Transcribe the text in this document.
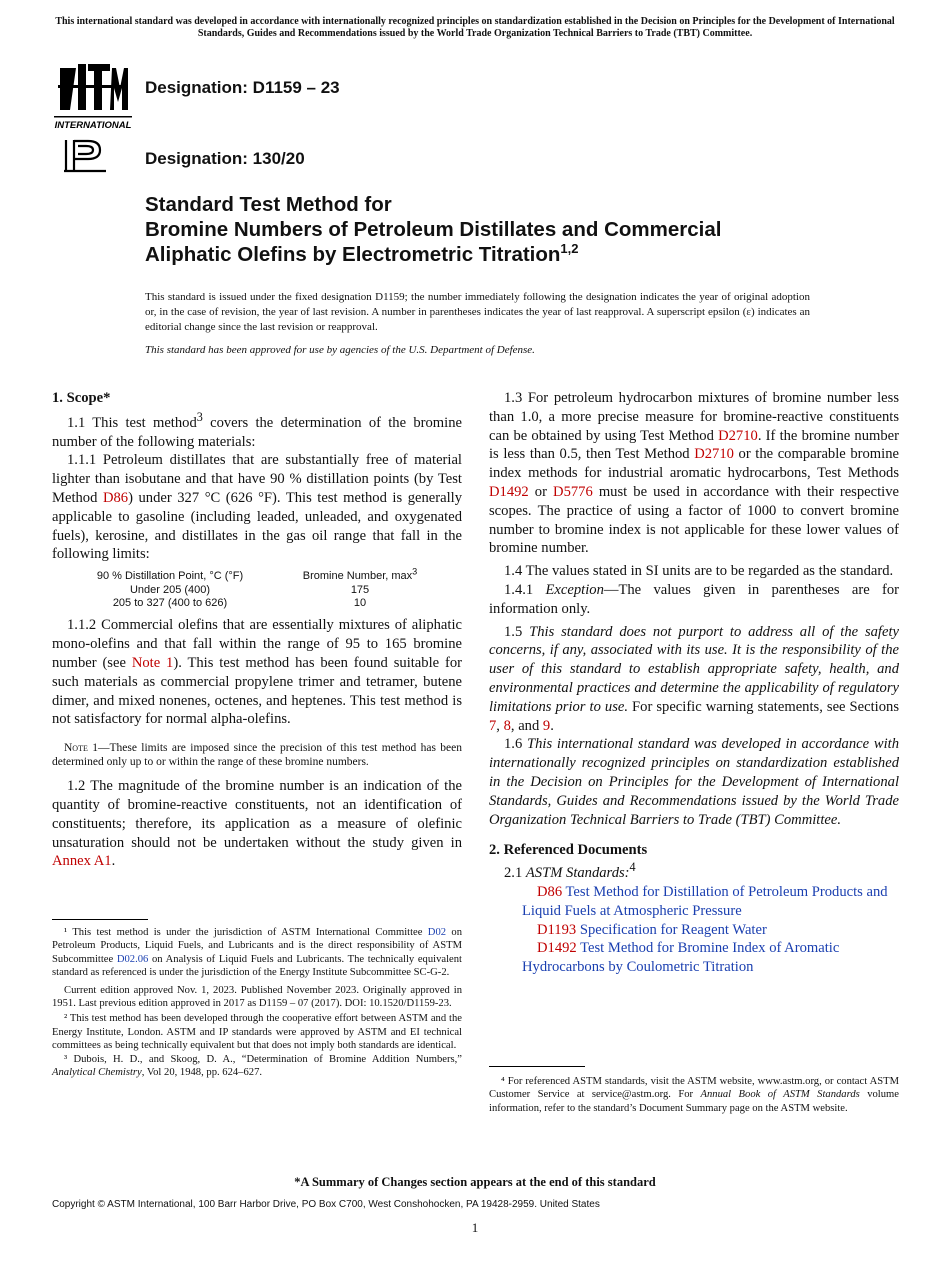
This international standard was developed in accordance with internationally recognized principles on standardization established in the Decision on Principles for the Development of International Standards, Guides and Recommendations issued by the World Trade Organization Technical Barriers to Trade (TBT) Committee.
INTERNATIONAL
Designation: D1159 – 23
Designation: 130/20
Standard Test Method for
Bromine Numbers of Petroleum Distillates and Commercial
Aliphatic Olefins by Electrometric Titration$^{1,2}$
This standard is issued under the fixed designation D1159; the number immediately following the designation indicates the year of original adoption or, in the case of revision, the year of last revision. A number in parentheses indicates the year of last reapproval. A superscript epsilon (ε) indicates an editorial change since the last revision or reapproval.
This standard has been approved for use by agencies of the U.S. Department of Defense.
1. Scope*

1.1 This test method$^3$ covers the determination of the bromine number of the following materials:

1.1.1 Petroleum distillates that are substantially free of material lighter than isobutane and that have 90 % distillation points (by Test Method D86) under 327 °C (626 °F). This test method is generally applicable to gasoline (including leaded, unleaded, and oxygenated fuels), kerosine, and distillates in the gas oil range that fall in the following limits:

90 % Distillation Point, °C (°F)	Bromine Number, $\max^3$
Under 205 (400)	175
205 to 327 (400 to 626)	10

1.1.2 Commercial olefins that are essentially mixtures of aliphatic mono-olefins and that fall within the range of 95 to 165 bromine number (see Note 1). This test method has been found suitable for such materials as commercial propylene trimer and tetramer, butene dimer, and mixed nonenes, octenes, and heptenes. This test method is not satisfactory for normal alpha-olefins.

Note 1—These limits are imposed since the precision of this test method has been determined only up to or within the range of these bromine numbers.

1.2 The magnitude of the bromine number is an indication of the quantity of bromine-reactive constituents, not an identification of constituents; therefore, its application as a measure of olefinic unsaturation should not be undertaken without the study given in Annex A1.

¹ This test method is under the jurisdiction of ASTM International Committee D02 on Petroleum Products, Liquid Fuels, and Lubricants and is the direct responsibility of ASTM Subcommittee D02.06 on Analysis of Liquid Fuels and Lubricants. The technically equivalent standard as referenced is under the jurisdiction of the Energy Institute Subcommittee SC-G-2.

Current edition approved Nov. 1, 2023. Published November 2023. Originally approved in 1951. Last previous edition approved in 2017 as D1159 – 07 (2017). DOI: 10.1520/D1159-23.

² This test method has been developed through the cooperative effort between ASTM and the Energy Institute, London. ASTM and IP standards were approved by ASTM and EI technical committees as being technically equivalent but that does not imply both standards are identical.

³ Dubois, H. D., and Skoog, D. A., “Determination of Bromine Addition Numbers,” Analytical Chemistry, Vol 20, 1948, pp. 624–627.

1.3 For petroleum hydrocarbon mixtures of bromine number less than 1.0, a more precise measure for bromine-reactive constituents can be obtained by using Test Method D2710. If the bromine number is less than 0.5, then Test Method D2710 or the comparable bromine index methods for industrial aromatic hydrocarbons, Test Methods D1492 or D5776 must be used in accordance with their respective scopes. The practice of using a factor of 1000 to convert bromine number to bromine index is not applicable for these lower values of bromine number.

1.4 The values stated in SI units are to be regarded as the standard.

1.4.1 Exception—The values given in parentheses are for information only.

1.5 This standard does not purport to address all of the safety concerns, if any, associated with its use. It is the responsibility of the user of this standard to establish appropriate safety, health, and environmental practices and determine the applicability of regulatory limitations prior to use. For specific warning statements, see Sections 7, 8, and 9.

1.6 This international standard was developed in accordance with internationally recognized principles on standardization established in the Decision on Principles for the Development of International Standards, Guides and Recommendations issued by the World Trade Organization Technical Barriers to Trade (TBT) Committee.

2. Referenced Documents

2.1 ASTM Standards:$^4$

D86 Test Method for Distillation of Petroleum Products and Liquid Fuels at Atmospheric Pressure

D1193 Specification for Reagent Water

D1492 Test Method for Bromine Index of Aromatic Hydrocarbons by Coulometric Titration

⁴ For referenced ASTM standards, visit the ASTM website, www.astm.org, or contact ASTM Customer Service at service@astm.org. For Annual Book of ASTM Standards volume information, refer to the standard’s Document Summary page on the ASTM website.

*A Summary of Changes section appears at the end of this standard
Copyright © ASTM International, 100 Barr Harbor Drive, PO Box C700, West Conshohocken, PA 19428-2959. United States
1
